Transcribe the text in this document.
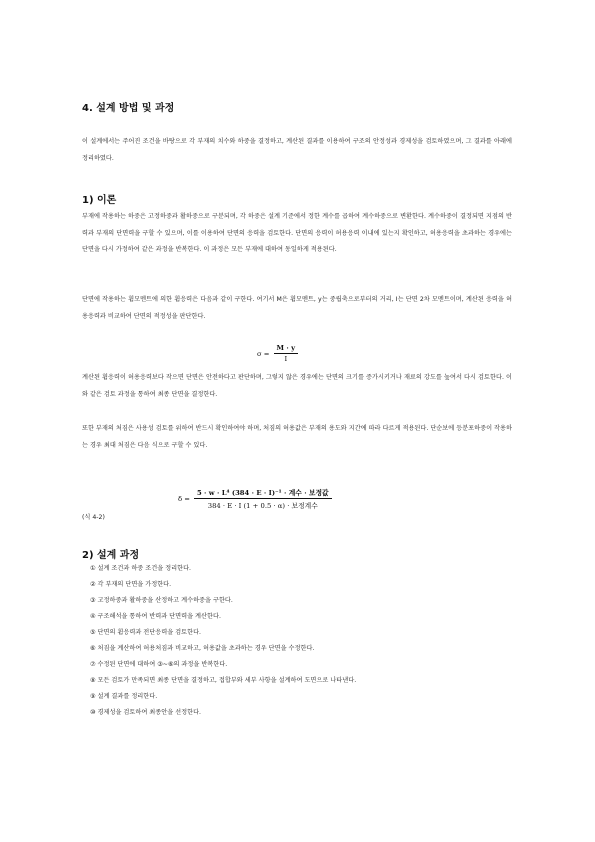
4. 설계 방법 및 과정

이 설계에서는 주어진 조건을 바탕으로 각 부재의 치수와 하중을 결정하고, 계산된 결과를 이용하여 구조의 안정성과 경제성을 검토하였으며, 그 결과를 아래에 정리하였다.

1) 이론

부재에 작용하는 하중은 고정하중과 활하중으로 구분되며, 각 하중은 설계 기준에서 정한 계수를 곱하여 계수하중으로 변환한다. 계수하중이 결정되면 지점의 반력과 부재의 단면력을 구할 수 있으며, 이를 이용하여 단면의 응력을 검토한다. 단면의 응력이 허용응력 이내에 있는지 확인하고, 허용응력을 초과하는 경우에는 단면을 다시 가정하여 같은 과정을 반복한다. 이 과정은 모든 부재에 대하여 동일하게 적용된다.

단면에 작용하는 휨모멘트에 의한 휨응력은 다음과 같이 구한다. 여기서 M은 휨모멘트, y는 중립축으로부터의 거리, I는 단면 2차 모멘트이며, 계산된 응력을 허용응력과 비교하여 단면의 적정성을 판단한다.

$\sigma = \frac{M \cdot y}{I}$

계산된 휨응력이 허용응력보다 작으면 단면은 안전하다고 판단하며, 그렇지 않은 경우에는 단면의 크기를 증가시키거나 재료의 강도를 높여서 다시 검토한다. 이와 같은 검토 과정을 통하여 최종 단면을 결정한다.

또한 부재의 처짐은 사용성 검토를 위하여 반드시 확인하여야 하며, 처짐의 허용값은 부재의 용도와 지간에 따라 다르게 적용된다. 단순보에 등분포하중이 작용하는 경우 최대 처짐은 다음 식으로 구할 수 있다.

$\delta = \frac{\text{5 · w · L⁴ (384 · E · I)⁻¹ · 계수 · 보정값}}{\text{384 · E · I (1 + 0.5 · α) · 보정계수}}$

(식 4-2)

2) 설계 과정
① 설계 조건과 하중 조건을 정리한다.
② 각 부재의 단면을 가정한다.
③ 고정하중과 활하중을 산정하고 계수하중을 구한다.
④ 구조해석을 통하여 반력과 단면력을 계산한다.
⑤ 단면의 휨응력과 전단응력을 검토한다.
⑥ 처짐을 계산하여 허용처짐과 비교하고, 허용값을 초과하는 경우 단면을 수정한다.
⑦ 수정된 단면에 대하여 ③~⑥의 과정을 반복한다.
⑧ 모든 검토가 만족되면 최종 단면을 결정하고, 접합부와 세부 사항을 설계하여 도면으로 나타낸다.
⑨ 설계 결과를 정리한다.
⑩ 경제성을 검토하여 최종안을 선정한다.
